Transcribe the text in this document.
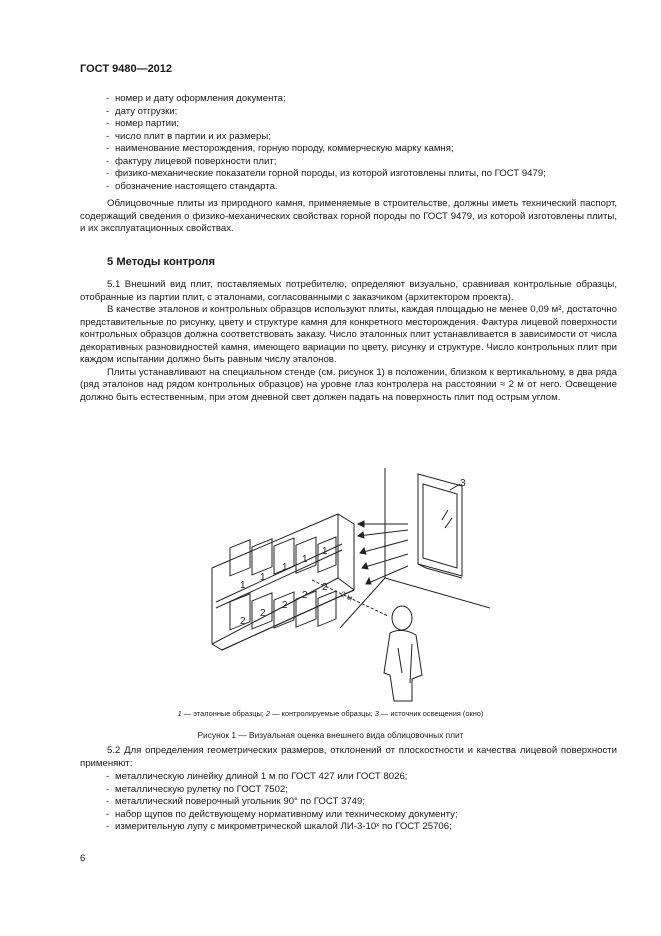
ГОСТ 9480—2012
- номер и дату оформления документа;
- дату отгрузки;
- номер партии;
- число плит в партии и их размеры;
- наименование месторождения, горную породу, коммерческую марку камня;
- фактуру лицевой поверхности плит;
- физико-механические показатели горной породы, из которой изготовлены плиты, по ГОСТ 9479;
- обозначение настоящего стандарта.
Облицовочные плиты из природного камня, применяемые в строительстве, должны иметь технический паспорт, содержащий сведения о физико-механических свойствах горной породы по ГОСТ 9479, из которой изготовлены плиты, и их эксплуатационных свойствах.
5 Методы контроля
5.1 Внешний вид плит, поставляемых потребителю, определяют визуально, сравнивая контрольные образцы, отобранные из партии плит, с эталонами, согласованными с заказчиком (архитектором проекта).
В качестве эталонов и контрольных образцов используют плиты, каждая площадью не менее 0,09 м², достаточно представительные по рисунку, цвету и структуре камня для конкретного месторождения. Фактура лицевой поверхности контрольных образцов должна соответствовать заказу. Число эталонных плит устанавливается в зависимости от числа декоративных разновидностей камня, имеющего вариации по цвету, рисунку и структуре. Число контрольных плит при каждом испытании должно быть равным числу эталонов.
Плиты устанавливают на специальном стенде (см. рисунок 1) в положении, близком к вертикальному, в два ряда (ряд эталонов над рядом контрольных образцов) на уровне глаз контролера на расстоянии ≈ 2 м от него. Освещение должно быть естественным, при этом дневной свет должен падать на поверхность плит под острым углом.
1
1
1
1
1
2
2
2
2
2
3
2 м
1 — эталонные образцы; 2 — контролируемые образцы; 3 — источник освещения (окно)
Рисунок 1 — Визуальная оценка внешнего вида облицовочных плит
5.2 Для определения геометрических размеров, отклонений от плоскостности и качества лицевой поверхности применяют:
- металлическую линейку длиной 1 м по ГОСТ 427 или ГОСТ 8026;
- металлическую рулетку по ГОСТ 7502;
- металлический поверочный угольник 90° по ГОСТ 3749;
- набор щупов по действующему нормативному или техническому документу;
- измерительную лупу с микрометрической шкалой ЛИ-3-10ˣ по ГОСТ 25706;
6
